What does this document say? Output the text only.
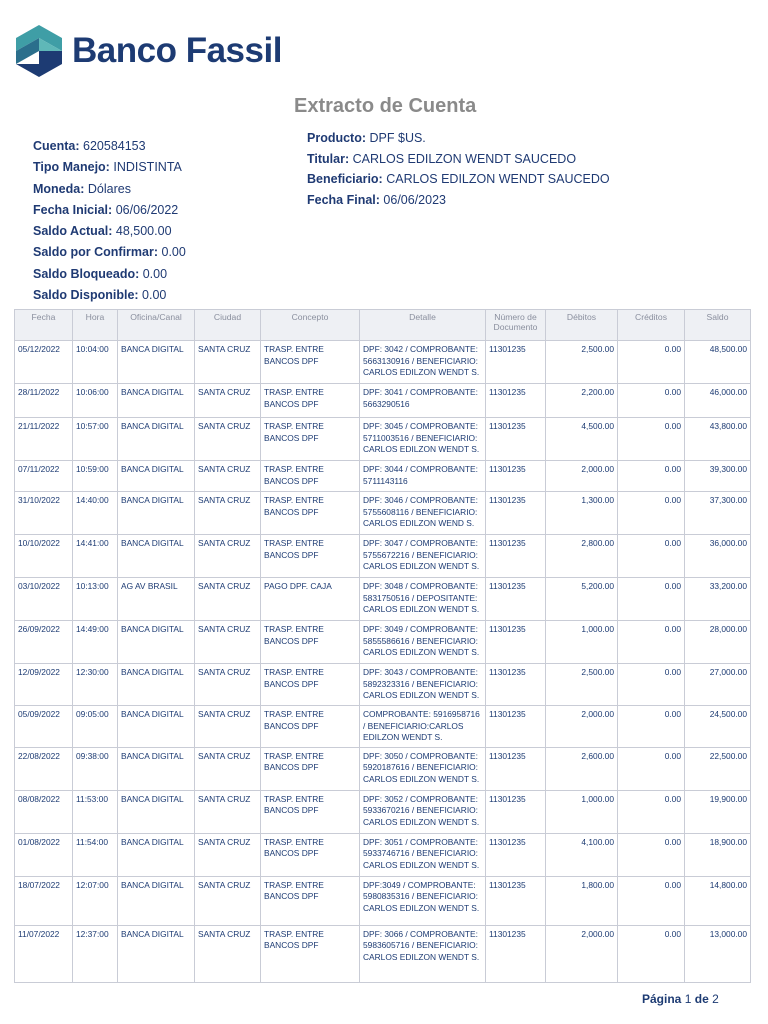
Banco Fassil
Extracto de Cuenta
Cuenta: 620584153
Tipo Manejo: INDISTINTA
Moneda: Dólares
Fecha Inicial: 06/06/2022
Saldo Actual: 48,500.00
Saldo por Confirmar: 0.00
Saldo Bloqueado: 0.00
Saldo Disponible: 0.00
Producto: DPF $US.
Titular: CARLOS EDILZON WENDT SAUCEDO
Beneficiario: CARLOS EDILZON WENDT SAUCEDO
Fecha Final: 06/06/2023
Fecha	Hora	Oficina/Canal	Ciudad	Concepto	Detalle	Número de Documento	Débitos	Créditos	Saldo
05/12/2022	10:04:00	BANCA DIGITAL	SANTA CRUZ	TRASP. ENTRE BANCOS DPF	DPF: 3042 / COMPROBANTE: 5663130916 / BENEFICIARIO: CARLOS EDILZON WENDT S.	11301235	2,500.00	0.00	48,500.00
28/11/2022	10:06:00	BANCA DIGITAL	SANTA CRUZ	TRASP. ENTRE BANCOS DPF	DPF: 3041 / COMPROBANTE: 5663290516	11301235	2,200.00	0.00	46,000.00
21/11/2022	10:57:00	BANCA DIGITAL	SANTA CRUZ	TRASP. ENTRE BANCOS DPF	DPF: 3045 / COMPROBANTE: 5711003516 / BENEFICIARIO: CARLOS EDILZON WENDT S.	11301235	4,500.00	0.00	43,800.00
07/11/2022	10:59:00	BANCA DIGITAL	SANTA CRUZ	TRASP. ENTRE BANCOS DPF	DPF: 3044 / COMPROBANTE: 5711143116	11301235	2,000.00	0.00	39,300.00
31/10/2022	14:40:00	BANCA DIGITAL	SANTA CRUZ	TRASP. ENTRE BANCOS DPF	DPF: 3046 / COMPROBANTE: 5755608116 / BENEFICIARIO: CARLOS EDILZON WEND S.	11301235	1,300.00	0.00	37,300.00
10/10/2022	14:41:00	BANCA DIGITAL	SANTA CRUZ	TRASP. ENTRE BANCOS DPF	DPF: 3047 / COMPROBANTE: 5755672216 / BENEFICIARIO: CARLOS EDILZON WENDT S.	11301235	2,800.00	0.00	36,000.00
03/10/2022	10:13:00	AG AV BRASIL	SANTA CRUZ	PAGO DPF. CAJA	DPF: 3048 / COMPROBANTE: 5831750516 / DEPOSITANTE: CARLOS EDILZON WENDT S.	11301235	5,200.00	0.00	33,200.00
26/09/2022	14:49:00	BANCA DIGITAL	SANTA CRUZ	TRASP. ENTRE BANCOS DPF	DPF: 3049 / COMPROBANTE: 5855586616 / BENEFICIARIO: CARLOS EDILZON WENDT S.	11301235	1,000.00	0.00	28,000.00
12/09/2022	12:30:00	BANCA DIGITAL	SANTA CRUZ	TRASP. ENTRE BANCOS DPF	DPF: 3043 / COMPROBANTE: 5892323316 / BENEFICIARIO: CARLOS EDILZON WENDT S.	11301235	2,500.00	0.00	27,000.00
05/09/2022	09:05:00	BANCA DIGITAL	SANTA CRUZ	TRASP. ENTRE BANCOS DPF	COMPROBANTE: 5916958716 / BENEFICIARIO:CARLOS EDILZON WENDT S.	11301235	2,000.00	0.00	24,500.00
22/08/2022	09:38:00	BANCA DIGITAL	SANTA CRUZ	TRASP. ENTRE BANCOS DPF	DPF: 3050 / COMPROBANTE: 5920187616 / BENEFICIARIO: CARLOS EDILZON WENDT S.	11301235	2,600.00	0.00	22,500.00
08/08/2022	11:53:00	BANCA DIGITAL	SANTA CRUZ	TRASP. ENTRE BANCOS DPF	DPF: 3052 / COMPROBANTE: 5933670216 / BENEFICIARIO: CARLOS EDILZON WENDT S.	11301235	1,000.00	0.00	19,900.00
01/08/2022	11:54:00	BANCA DIGITAL	SANTA CRUZ	TRASP. ENTRE BANCOS DPF	DPF: 3051 / COMPROBANTE: 5933746716 / BENEFICIARIO: CARLOS EDILZON WENDT S.	11301235	4,100.00	0.00	18,900.00
18/07/2022	12:07:00	BANCA DIGITAL	SANTA CRUZ	TRASP. ENTRE BANCOS DPF	DPF:3049 / COMPROBANTE: 5980835316 / BENEFICIARIO: CARLOS EDILZON WENDT S.	11301235	1,800.00	0.00	14,800.00
11/07/2022	12:37:00	BANCA DIGITAL	SANTA CRUZ	TRASP. ENTRE BANCOS DPF	DPF: 3066 / COMPROBANTE: 5983605716 / BENEFICIARIO: CARLOS EDILZON WENDT S.	11301235	2,000.00	0.00	13,000.00
Página 1 de 2
